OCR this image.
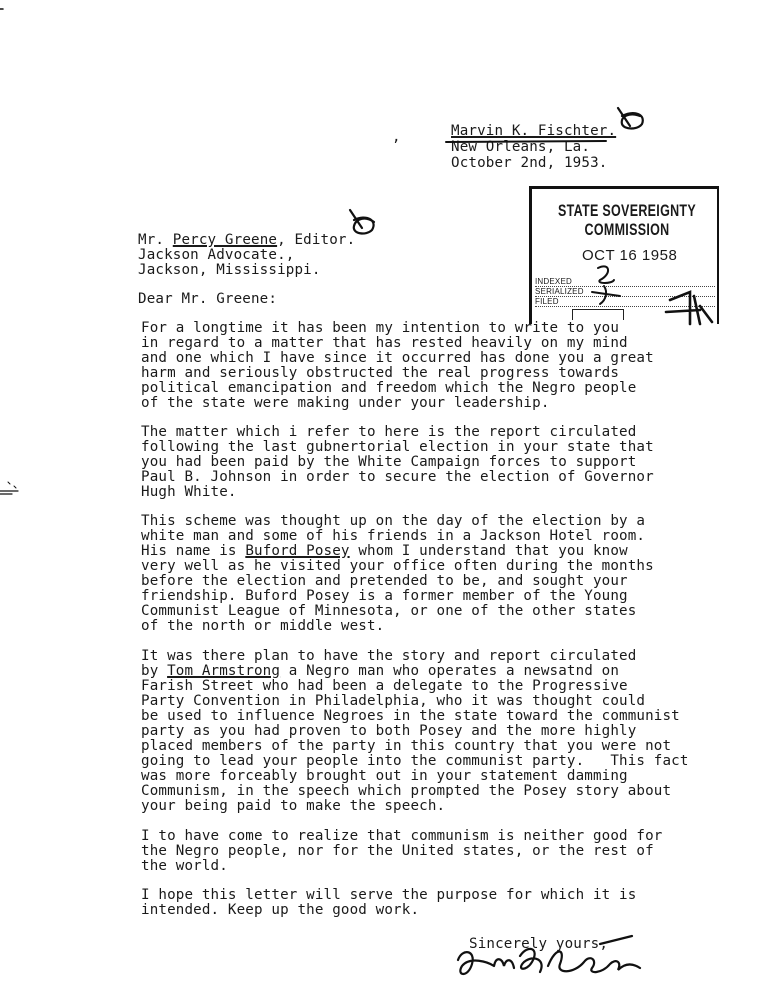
,	Marvin K. Fischter.
New Orleans, La.
October 2nd, 1953.
STATE SOVEREIGNTY COMMISSION
OCT 16 1958
INDEXED
SERIALIZED
FILED
Mr. Percy Greene, Editor.
Jackson Advocate.,
Jackson, Mississippi.
Dear Mr. Greene:
For a longtime it has been my intention to write to you
in regard to a matter that has rested heavily on my mind
and one which I have since it occurred has done you a great
harm and seriously obstructed the real progress towards
political emancipation and freedom which the Negro people
of the state were making under your leadership.
The matter which i refer to here is the report circulated
following the last gubnertorial election in your state that
you had been paid by the White Campaign forces to support
Paul B. Johnson in order to secure the election of Governor
Hugh White.
This scheme was thought up on the day of the election by a
white man and some of his friends in a Jackson Hotel room.
His name is Buford Posey whom I understand that you know
very well as he visited your office often during the months
before the election and pretended to be, and sought your
friendship. Buford Posey is a former member of the Young
Communist League of Minnesota, or one of the other states
of the north or middle west.
It was there plan to have the story and report circulated
by Tom Armstrong a Negro man who operates a newsatnd on
Farish Street who had been a delegate to the Progressive
Party Convention in Philadelphia, who it was thought could
be used to influence Negroes in the state toward the communist
party as you had proven to both Posey and the more highly
placed members of the party in this country that you were not
going to lead your people into the communist party.   This fact
was more forceably brought out in your statement damming
Communism, in the speech which prompted the Posey story about
your being paid to make the speech.
I to have come to realize that communism is neither good for
the Negro people, nor for the United states, or the rest of
the world.
I hope this letter will serve the purpose for which it is
intended. Keep up the good work.
Sincerely yours,
